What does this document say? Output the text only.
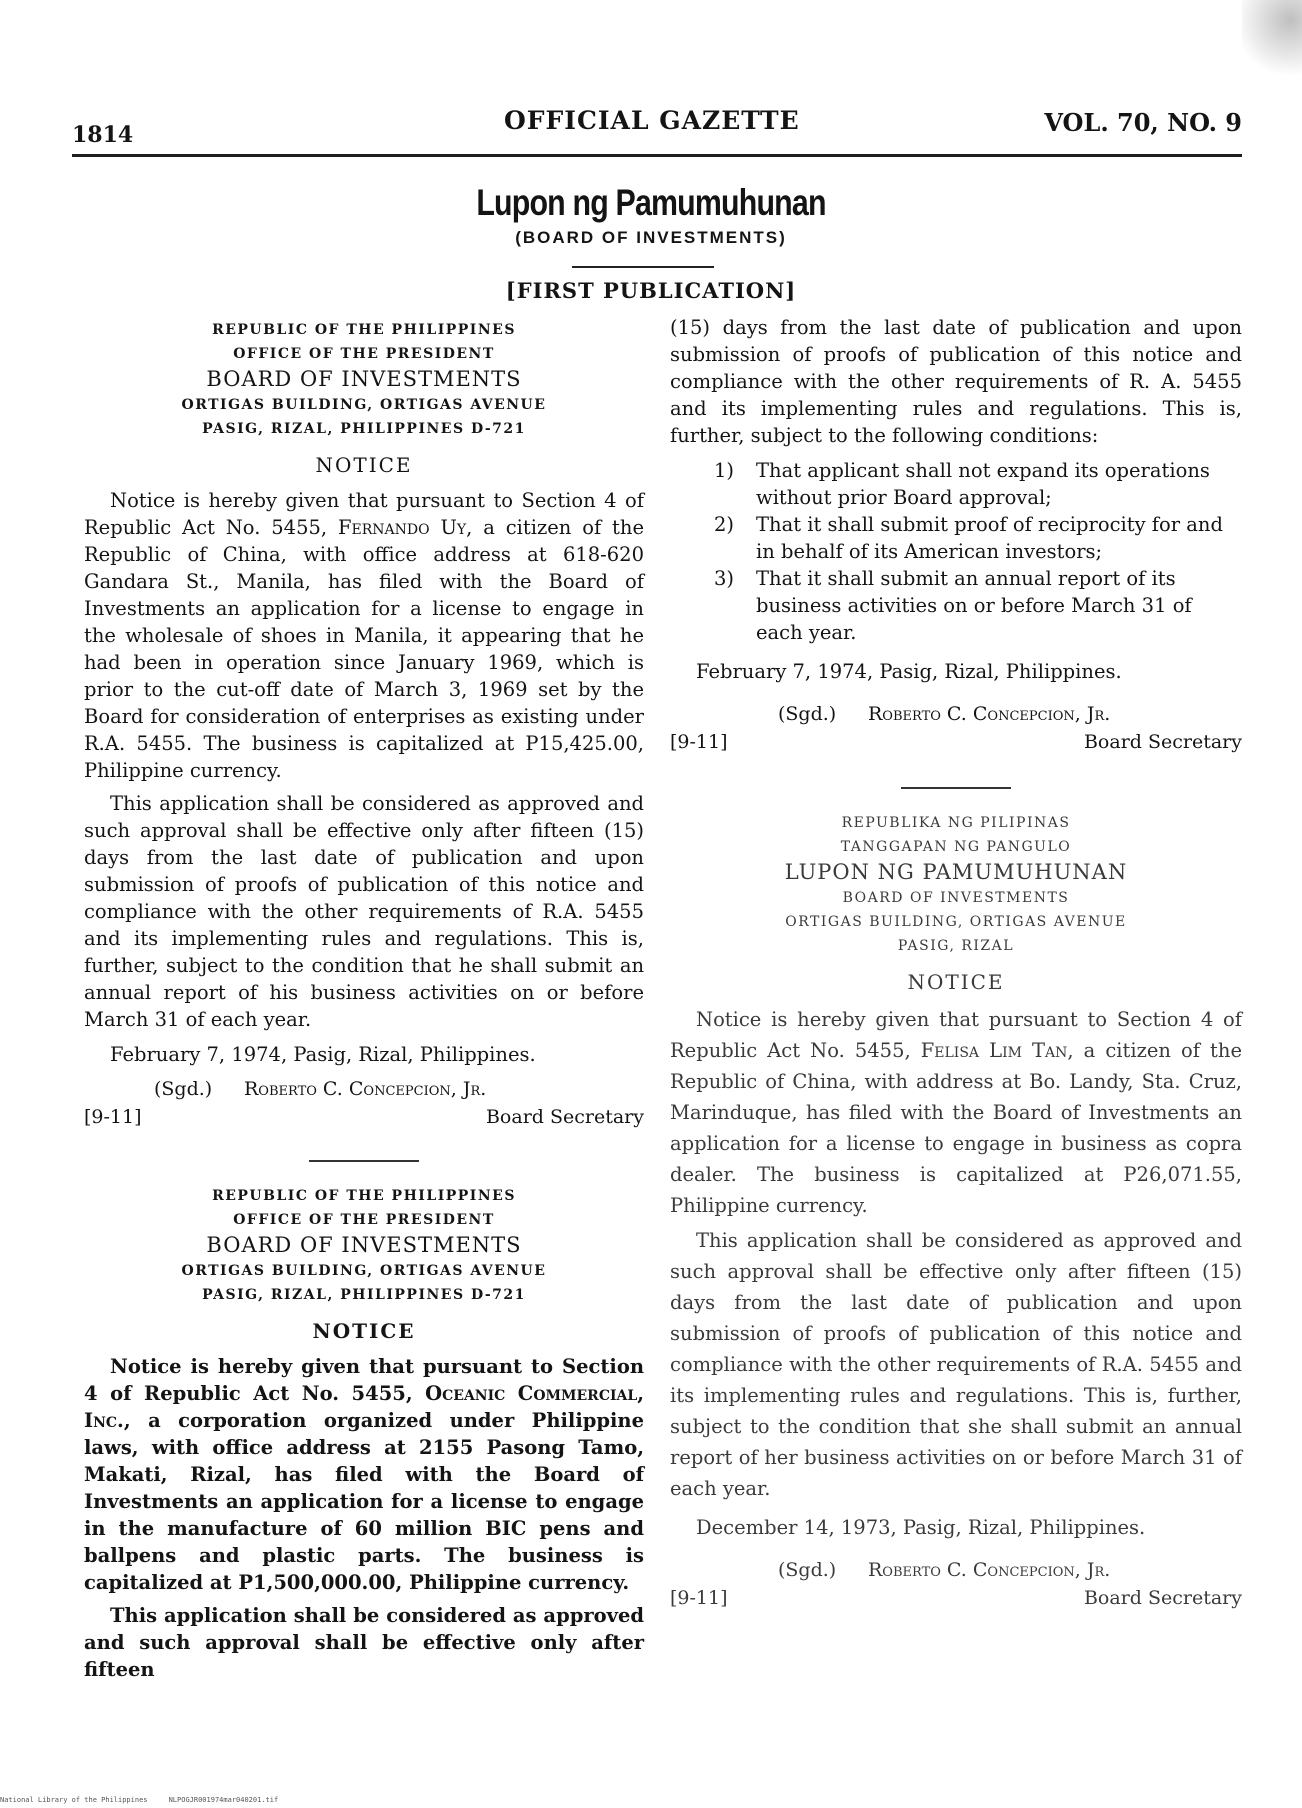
1814	OFFICIAL GAZETTE	VOL. 70, NO. 9
Lupon ng Pamumuhunan
(BOARD OF INVESTMENTS)
[FIRST PUBLICATION]
REPUBLIC OF THE PHILIPPINES
OFFICE OF THE PRESIDENT
BOARD OF INVESTMENTS
ORTIGAS BUILDING, ORTIGAS AVENUE
PASIG, RIZAL, PHILIPPINES D-721
NOTICE

Notice is hereby given that pursuant to Section 4 of Republic Act No. 5455, Fernando Uy, a citizen of the Republic of China, with office address at 618-620 Gandara St., Manila, has filed with the Board of Investments an application for a license to engage in the wholesale of shoes in Manila, it appearing that he had been in operation since January 1969, which is prior to the cut-off date of March 3, 1969 set by the Board for consideration of enterprises as existing under R.A. 5455. The business is capitalized at P15,425.00, Philippine currency.

This application shall be considered as approved and such approval shall be effective only after fifteen (15) days from the last date of publication and upon submission of proofs of publication of this notice and compliance with the other requirements of R.A. 5455 and its implementing rules and regulations. This is, further, subject to the condition that he shall submit an annual report of his business activities on or before March 31 of each year.

February 7, 1974, Pasig, Rizal, Philippines.
(Sgd.) Roberto C. Concepcion, Jr.
[9-11]	Board Secretary
REPUBLIC OF THE PHILIPPINES
OFFICE OF THE PRESIDENT
BOARD OF INVESTMENTS
ORTIGAS BUILDING, ORTIGAS AVENUE
PASIG, RIZAL, PHILIPPINES D-721
NOTICE

Notice is hereby given that pursuant to Section 4 of Republic Act No. 5455, Oceanic Commercial, Inc., a corporation organized under Philippine laws, with office address at 2155 Pasong Tamo, Makati, Rizal, has filed with the Board of Investments an application for a license to engage in the manufacture of 60 million BIC pens and ballpens and plastic parts. The business is capitalized at P1,500,000.00, Philippine currency.

This application shall be considered as approved and such approval shall be effective only after fifteen

(15) days from the last date of publication and upon submission of proofs of publication of this notice and compliance with the other requirements of R. A. 5455 and its implementing rules and regulations. This is, further, subject to the following conditions:

1)	That applicant shall not expand its operations without prior Board approval;
2)	That it shall submit proof of reciprocity for and in behalf of its American investors;
3)	That it shall submit an annual report of its business activities on or before March 31 of each year.
February 7, 1974, Pasig, Rizal, Philippines.
(Sgd.) Roberto C. Concepcion, Jr.
[9-11]	Board Secretary
REPUBLIKA NG PILIPINAS
TANGGAPAN NG PANGULO
LUPON NG PAMUMUHUNAN
BOARD OF INVESTMENTS
ORTIGAS BUILDING, ORTIGAS AVENUE
PASIG, RIZAL
NOTICE

Notice is hereby given that pursuant to Section 4 of Republic Act No. 5455, Felisa Lim Tan, a citizen of the Republic of China, with address at Bo. Landy, Sta. Cruz, Marinduque, has filed with the Board of Investments an application for a license to engage in business as copra dealer. The business is capitalized at P26,071.55, Philippine currency.

This application shall be considered as approved and such approval shall be effective only after fifteen (15) days from the last date of publication and upon submission of proofs of publication of this notice and compliance with the other requirements of R.A. 5455 and its implementing rules and regulations. This is, further, subject to the condition that she shall submit an annual report of her business activities on or before March 31 of each year.

December 14, 1973, Pasig, Rizal, Philippines.
(Sgd.) Roberto C. Concepcion, Jr.
[9-11]	Board Secretary
National Library of the Philippines	NLPOGJR001974mar040201.tif
